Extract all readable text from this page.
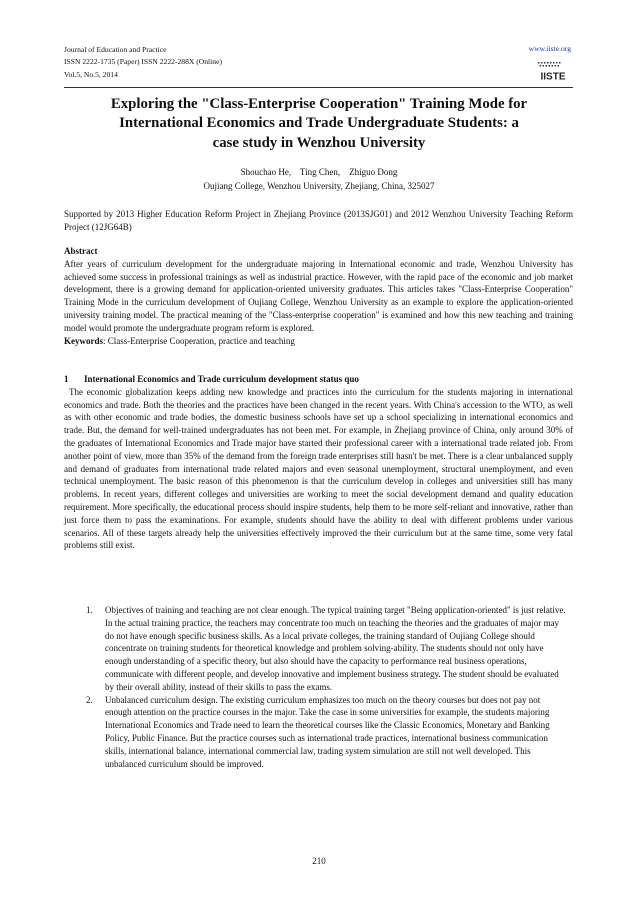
Journal of Education and Practice
ISSN 2222-1735 (Paper) ISSN 2222-288X (Online)
Vol.5, No.5, 2014
www.iiste.org
IISTE
Exploring the "Class-Enterprise Cooperation" Training Mode for
International Economics and Trade Undergraduate Students: a
case study in Wenzhou University
Shouchao He,    Ting Chen,    Zhiguo Dong
Oujiang College, Wenzhou University, Zhejiang, China, 325027

Supported by 2013 Higher Education Reform Project in Zhejiang Province (2013SJG01) and 2012 Wenzhou University Teaching Reform Project (12JG64B)

Abstract

After years of curriculum development for the undergraduate majoring in International economic and trade, Wenzhou University has achieved some success in professional trainings as well as industrial practice. However, with the rapid pace of the economic and job market development, there is a growing demand for application-oriented university graduates. This articles takes "Class-Enterprise Cooperation" Training Mode in the curriculum development of Oujiang College, Wenzhou University as an example to explore the application-oriented university training model. The practical meaning of the "Class-enterprise cooperation" is examined and how this new teaching and training model would promote the undergraduate program reform is explored.

Keywords: Class-Enterprise Cooperation, practice and teaching

1 International Economics and Trade curriculum development status quo

The economic globalization keeps adding new knowledge and practices into the curriculum for the students majoring in international economics and trade. Both the theories and the practices have been changed in the recent years. With China's accession to the WTO, as well as with other economic and trade bodies, the domestic business schools have set up a school specializing in international economics and trade. But, the demand for well-trained undergraduates has not been met. For example, in Zhejiang province of China, only around 30% of the graduates of International Economics and Trade major have started their professional career with a international trade related job. From another point of view, more than 35% of the demand from the foreign trade enterprises still hasn't be met. There is a clear unbalanced supply and demand of graduates from international trade related majors and even seasonal unemployment, structural unemployment, and even technical unemployment. The basic reason of this phenomenon is that the curriculum develop in colleges and universities still has many problems. In recent years, different colleges and universities are working to meet the social development demand and quality education requirement. More specifically, the educational process should inspire students, help them to be more self-reliant and innovative, rather than just force them to pass the examinations. For example, students should have the ability to deal with different problems under various scenarios. All of these targets already help the universities effectively improved the their curriculum but at the same time, some very fatal problems still exist.

1. Objectives of training and teaching are not clear enough. The typical training target "Being application-oriented" is just relative. In the actual training practice, the teachers may concentrate too much on teaching the theories and the graduates of major may do not have enough specific business skills. As a local private colleges, the training standard of Oujiang College should concentrate on training students for theoretical knowledge and problem solving-ability. The students should not only have enough understanding of a specific theory, but also should have the capacity to performance real business operations, communicate with different people, and develop innovative and implement business strategy. The student should be evaluated by their overall ability, instead of their skills to pass the exams.
2. Unbalanced curriculum design. The existing curriculum emphasizes too much on the theory courses but does not pay not enough attention on the practice courses in the major. Take the case in some universities for example, the students majoring International Economics and Trade need to learn the theoretical courses like the Classic Economics, Monetary and Banking Policy, Public Finance. But the practice courses such as international trade practices, international business communication skills, international balance, international commercial law, trading system simulation are still not well developed. This unbalanced curriculum should be improved.
210
